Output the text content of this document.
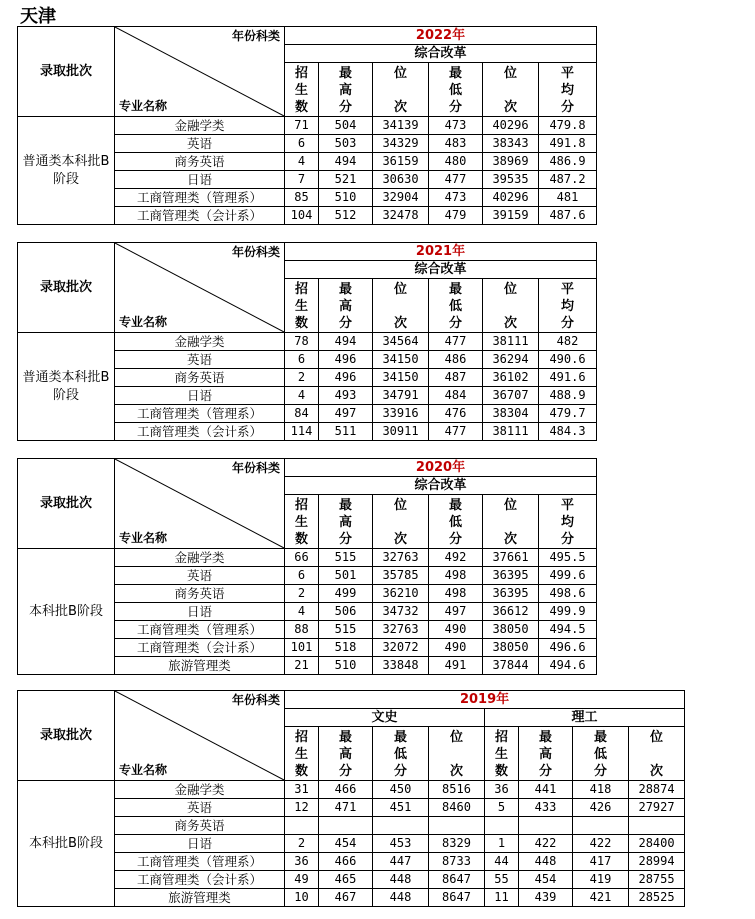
天津
录取批次	年份科类
专业名称	2022年					
		综合改革					
		招
生
数	最
高
分	位

次	最
低
分	位

次	平
均
分
普通类本科批B阶段	金融学类	71	504	34139	473	40296	479.8
	英语	6	503	34329	483	38343	491.8
	商务英语	4	494	36159	480	38969	486.9
	日语	7	521	30630	477	39535	487.2
	工商管理类（管理系）	85	510	32904	473	40296	481
	工商管理类（会计系）	104	512	32478	479	39159	487.6
录取批次	年份科类
专业名称	2021年					
		综合改革					
		招
生
数	最
高
分	位

次	最
低
分	位

次	平
均
分
普通类本科批B阶段	金融学类	78	494	34564	477	38111	482
	英语	6	496	34150	486	36294	490.6
	商务英语	2	496	34150	487	36102	491.6
	日语	4	493	34791	484	36707	488.9
	工商管理类（管理系）	84	497	33916	476	38304	479.7
	工商管理类（会计系）	114	511	30911	477	38111	484.3
录取批次	年份科类
专业名称	2020年					
		综合改革					
		招
生
数	最
高
分	位

次	最
低
分	位

次	平
均
分
本科批B阶段	金融学类	66	515	32763	492	37661	495.5
	英语	6	501	35785	498	36395	499.6
	商务英语	2	499	36210	498	36395	498.6
	日语	4	506	34732	497	36612	499.9
	工商管理类（管理系）	88	515	32763	490	38050	494.5
	工商管理类（会计系）	101	518	32072	490	38050	496.6
	旅游管理类	21	510	33848	491	37844	494.6
录取批次	年份科类
专业名称	2019年							
		文史				理工			
		招
生
数	最
高
分	最
低
分	位

次	招
生
数	最
高
分	最
低
分	位

次
本科批B阶段	金融学类	31	466	450	8516	36	441	418	28874
	英语	12	471	451	8460	5	433	426	27927
	商务英语								
	日语	2	454	453	8329	1	422	422	28400
	工商管理类（管理系）	36	466	447	8733	44	448	417	28994
	工商管理类（会计系）	49	465	448	8647	55	454	419	28755
	旅游管理类	10	467	448	8647	11	439	421	28525
